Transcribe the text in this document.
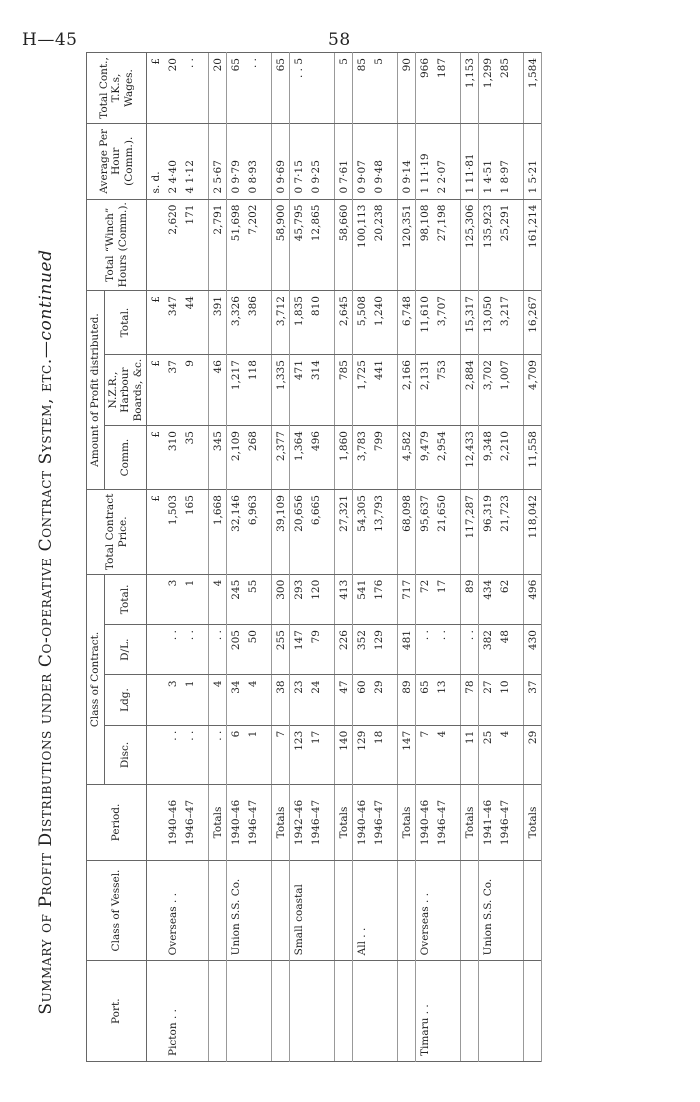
H—45	58
Summary of Profit Distributions under Co-operative Contract System, etc.—continued
Port.	Class of Vessel.	Period.	Class of Contract.				Total Contract Price.	Amount of Profit distributed.			Total “Winch” Hours (Comm.).	Average Per Hour (Comm.).	Total Cont., T.K.s, Wages.
			Disc.	Ldg.	D/L.	Total.		Comm.	N.Z.R., Harbour Boards, &c.	Total.			
							£	£	£	£		s. d.	£
Picton . .	Overseas . .	1940–46	. .	3	. .	3	1,503	310	37	347	2,620	2 4·40	20
		1946–47	. .	1	. .	1	165	35	9	44	171	4 1·12	. .

		Totals	. .	4	. .	4	1,668	345	46	391	2,791	2 5·67	20
	Union S.S. Co.	1940–46	6	34	205	245	32,146	2,109	1,217	3,326	51,698	0 9·79	65
		1946–47	1	4	50	55	6,963	268	118	386	7,202	0 8·93	. .

		Totals	7	38	255	300	39,109	2,377	1,335	3,712	58,900	0 9·69	65
	Small coastal	1942–46	123	23	147	293	20,656	1,364	471	1,835	45,795	0 7·15	. . 5
		1946–47	17	24	79	120	6,665	496	314	810	12,865	0 9·25	

		Totals	140	47	226	413	27,321	1,860	785	2,645	58,660	0 7·61	5
	All . .	1940–46	129	60	352	541	54,305	3,783	1,725	5,508	100,113	0 9·07	85
		1946–47	18	29	129	176	13,793	799	441	1,240	20,238	0 9·48	5

		Totals	147	89	481	717	68,098	4,582	2,166	6,748	120,351	0 9·14	90
Timaru . .	Overseas . .	1940–46	7	65	. .	72	95,637	9,479	2,131	11,610	98,108	1 11·19	966
		1946–47	4	13	. .	17	21,650	2,954	753	3,707	27,198	2 2·07	187

		Totals	11	78	. .	89	117,287	12,433	2,884	15,317	125,306	1 11·81	1,153
	Union S.S. Co.	1941–46	25	27	382	434	96,319	9,348	3,702	13,050	135,923	1 4·51	1,299
		1946–47	4	10	48	62	21,723	2,210	1,007	3,217	25,291	1 8·97	285

		Totals	29	37	430	496	118,042	11,558	4,709	16,267	161,214	1 5·21	1,584
